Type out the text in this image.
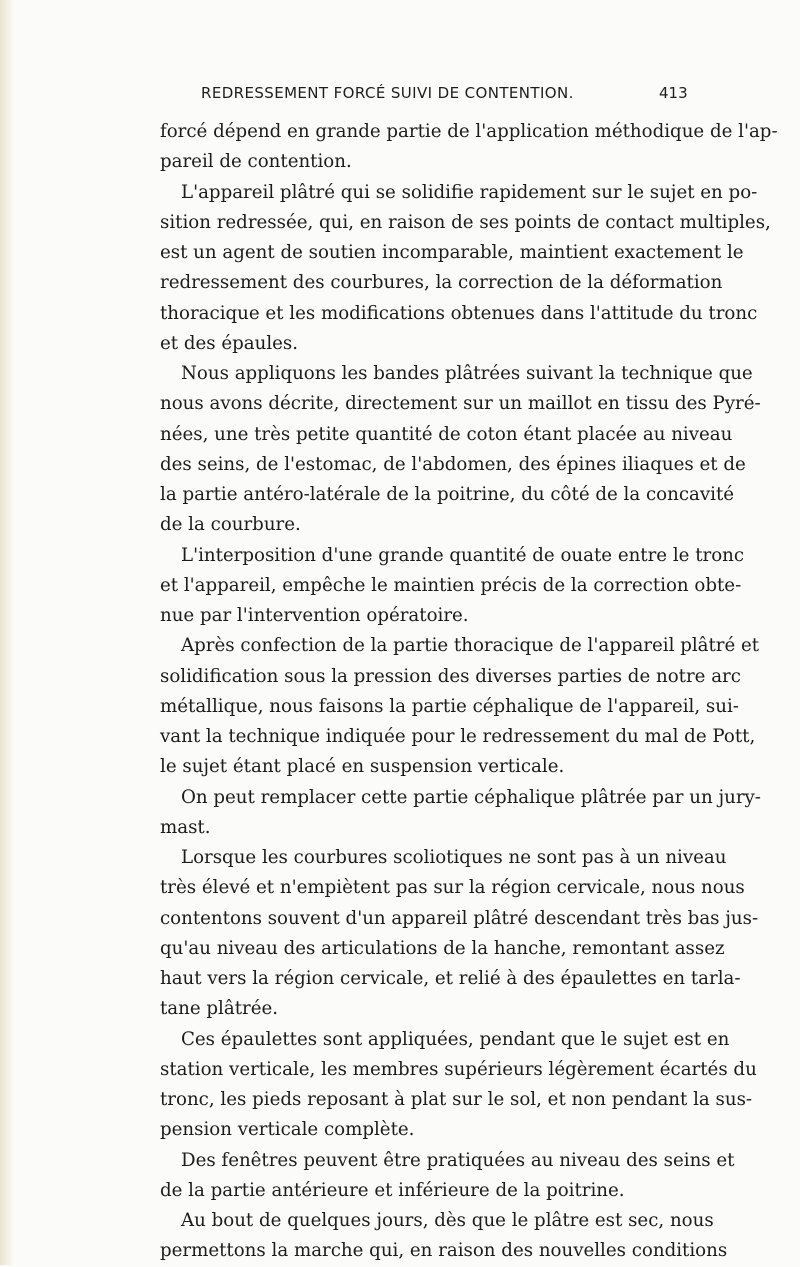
REDRESSEMENT FORCÉ SUIVI DE CONTENTION.	413
forcé dépend en grande partie de l'application méthodique de l'ap-
pareil de contention.
L'appareil plâtré qui se solidifie rapidement sur le sujet en po-
sition redressée, qui, en raison de ses points de contact multiples,
est un agent de soutien incomparable, maintient exactement le
redressement des courbures, la correction de la déformation
thoracique et les modifications obtenues dans l'attitude du tronc
et des épaules.
Nous appliquons les bandes plâtrées suivant la technique que
nous avons décrite, directement sur un maillot en tissu des Pyré-
nées, une très petite quantité de coton étant placée au niveau
des seins, de l'estomac, de l'abdomen, des épines iliaques et de
la partie antéro-latérale de la poitrine, du côté de la concavité
de la courbure.
L'interposition d'une grande quantité de ouate entre le tronc
et l'appareil, empêche le maintien précis de la correction obte-
nue par l'intervention opératoire.
Après confection de la partie thoracique de l'appareil plâtré et
solidification sous la pression des diverses parties de notre arc
métallique, nous faisons la partie céphalique de l'appareil, sui-
vant la technique indiquée pour le redressement du mal de Pott,
le sujet étant placé en suspension verticale.
On peut remplacer cette partie céphalique plâtrée par un jury-
mast.
Lorsque les courbures scoliotiques ne sont pas à un niveau
très élevé et n'empiètent pas sur la région cervicale, nous nous
contentons souvent d'un appareil plâtré descendant très bas jus-
qu'au niveau des articulations de la hanche, remontant assez
haut vers la région cervicale, et relié à des épaulettes en tarla-
tane plâtrée.
Ces épaulettes sont appliquées, pendant que le sujet est en
station verticale, les membres supérieurs légèrement écartés du
tronc, les pieds reposant à plat sur le sol, et non pendant la sus-
pension verticale complète.
Des fenêtres peuvent être pratiquées au niveau des seins et
de la partie antérieure et inférieure de la poitrine.
Au bout de quelques jours, dès que le plâtre est sec, nous
permettons la marche qui, en raison des nouvelles conditions
